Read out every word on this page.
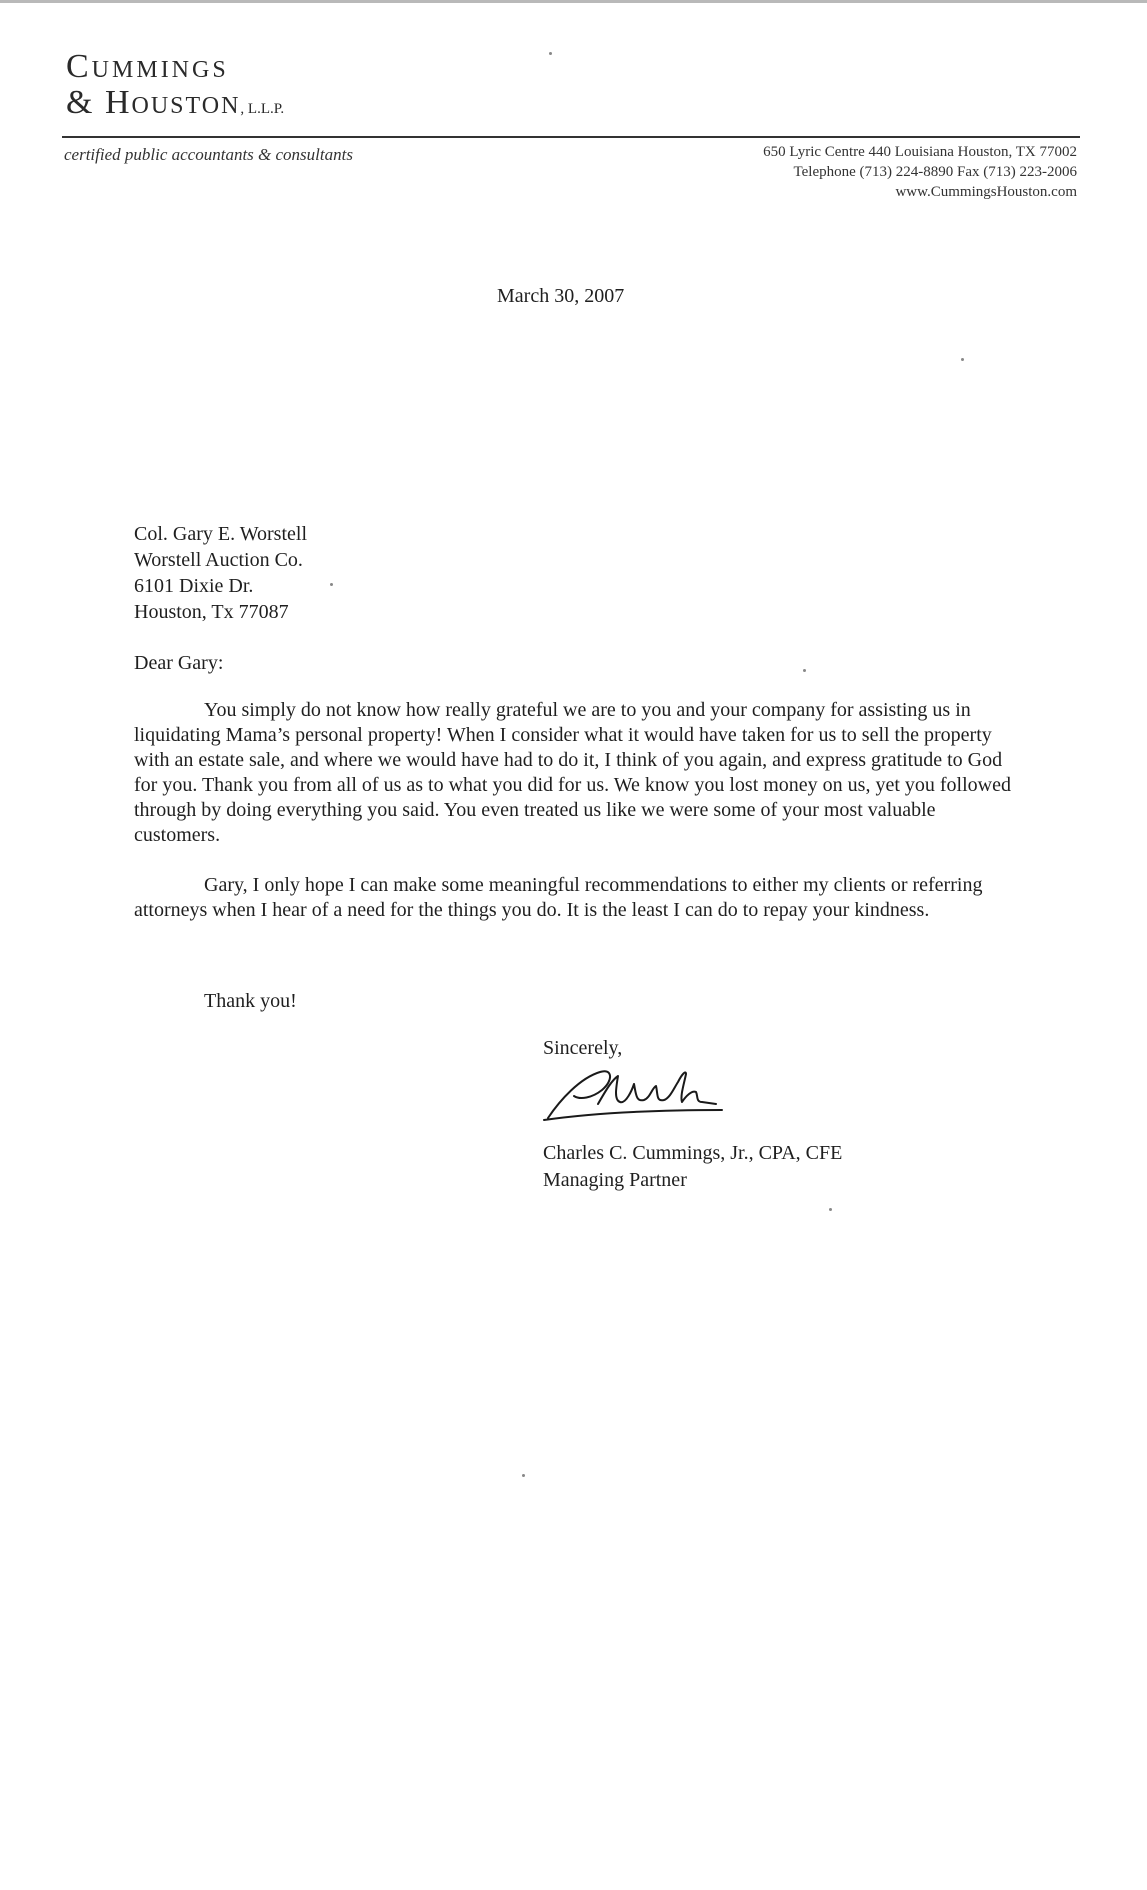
Cummings
& Houston, L.L.P.
certified public accountants & consultants	650 Lyric Centre 440 Louisiana Houston, TX 77002
Telephone (713) 224-8890 Fax (713) 223-2006
www.CummingsHouston.com
March 30, 2007
Col. Gary E. Worstell
Worstell Auction Co.
6101 Dixie Dr.
Houston, Tx 77087
Dear Gary:

You simply do not know how really grateful we are to you and your company for assisting us in liquidating Mama’s personal property! When I consider what it would have taken for us to sell the property with an estate sale, and where we would have had to do it, I think of you again, and express gratitude to God for you. Thank you from all of us as to what you did for us. We know you lost money on us, yet you followed through by doing everything you said. You even treated us like we were some of your most valuable customers.

Gary, I only hope I can make some meaningful recommendations to either my clients or referring attorneys when I hear of a need for the things you do. It is the least I can do to repay your kindness.

Thank you!
Sincerely,
Charles C. Cummings, Jr., CPA, CFE
Managing Partner
